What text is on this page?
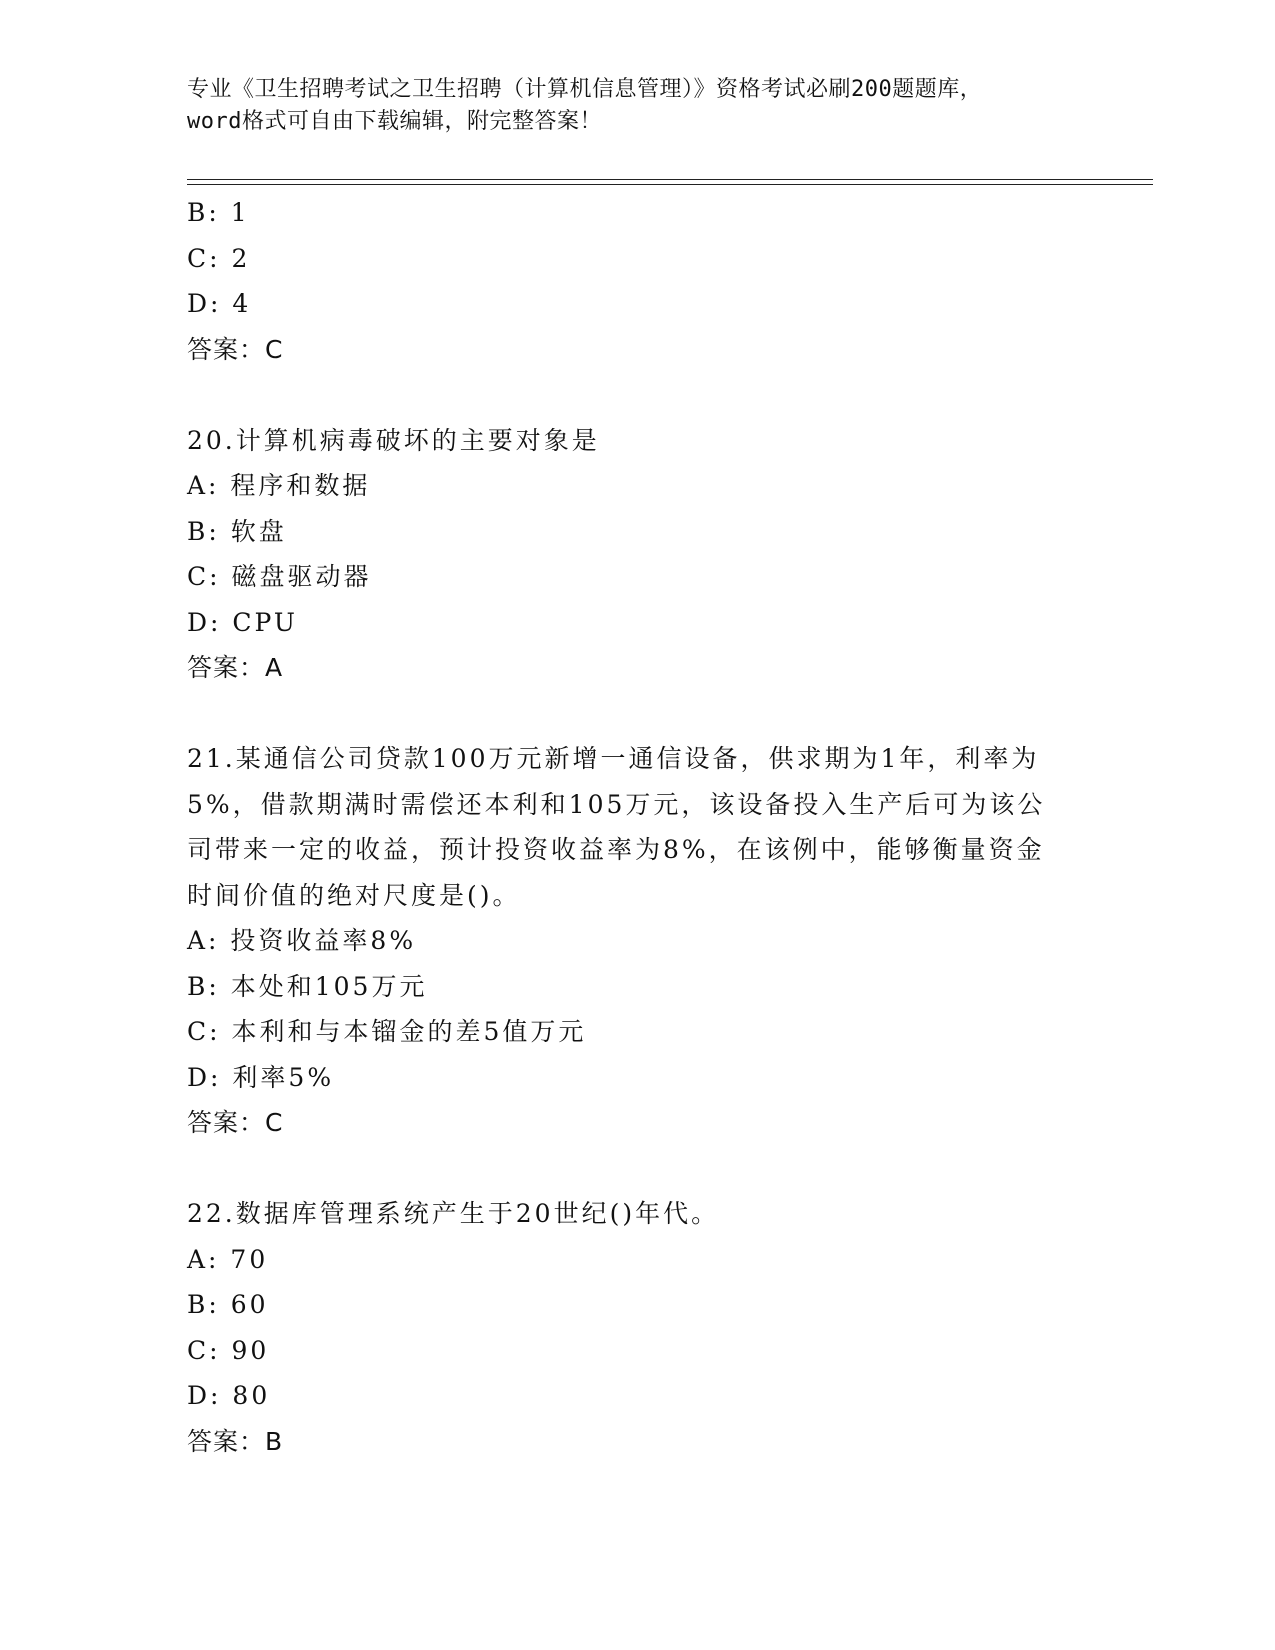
专业《卫生招聘考试之卫生招聘（计算机信息管理）》资格考试必刷200题题库，

word格式可自由下载编辑，附完整答案！

B: 1
C: 2
D: 4
答案：C
20.计算机病毒破坏的主要对象是
A: 程序和数据
B: 软盘
C: 磁盘驱动器
D: CPU
答案：A
21.某通信公司贷款100万元新增一通信设备，供求期为1年，利率为
5%，借款期满时需偿还本利和105万元，该设备投入生产后可为该公
司带来一定的收益，预计投资收益率为8%，在该例中，能够衡量资金
时间价值的绝对尺度是()。
A: 投资收益率8%
B: 本处和105万元
C: 本利和与本镏金的差5值万元
D: 利率5%
答案：C
22.数据库管理系统产生于20世纪()年代。
A: 70
B: 60
C: 90
D: 80
答案：B
